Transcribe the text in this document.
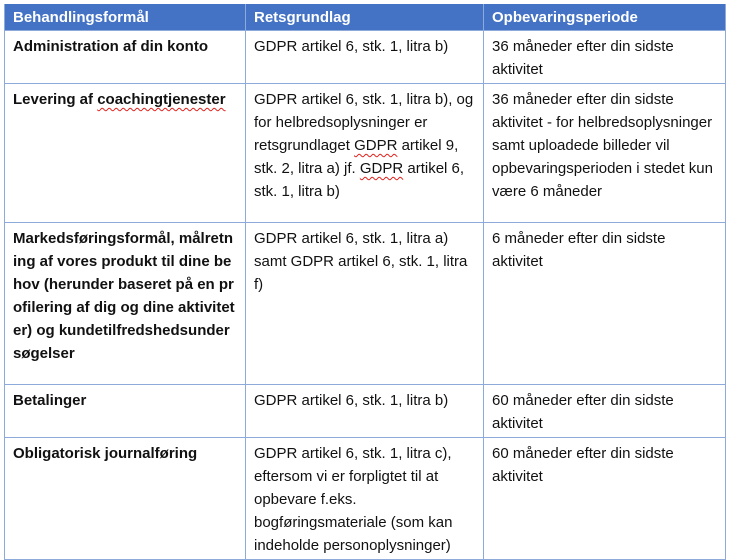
Behandlingsformål	Retsgrundlag	Opbevaringsperiode
Administration af din konto	GDPR artikel 6, stk. 1, litra b)	36 måneder efter din sidste aktivitet
Levering af coachingtjenester	GDPR artikel 6, stk. 1, litra b), og for helbredsoplysninger er retsgrundlaget GDPR artikel 9, stk. 2, litra a) jf. GDPR artikel 6, stk. 1, litra b)	36 måneder efter din sidste aktivitet - for helbredsoplysninger samt uploadede billeder vil opbevaringsperioden i stedet kun være 6 måneder
Markedsføringsformål, målretning af vores produkt til dine behov (herunder baseret på en profilering af dig og dine aktiviteter) og kundetilfredshedsundersøgelser	GDPR artikel 6, stk. 1, litra a) samt GDPR artikel 6, stk. 1, litra f)	6 måneder efter din sidste aktivitet
Betalinger	GDPR artikel 6, stk. 1, litra b)	60 måneder efter din sidste aktivitet
Obligatorisk journalføring	GDPR artikel 6, stk. 1, litra c), eftersom vi er forpligtet til at opbevare f.eks. bogføringsmateriale (som kan indeholde personoplysninger)	60 måneder efter din sidste aktivitet
